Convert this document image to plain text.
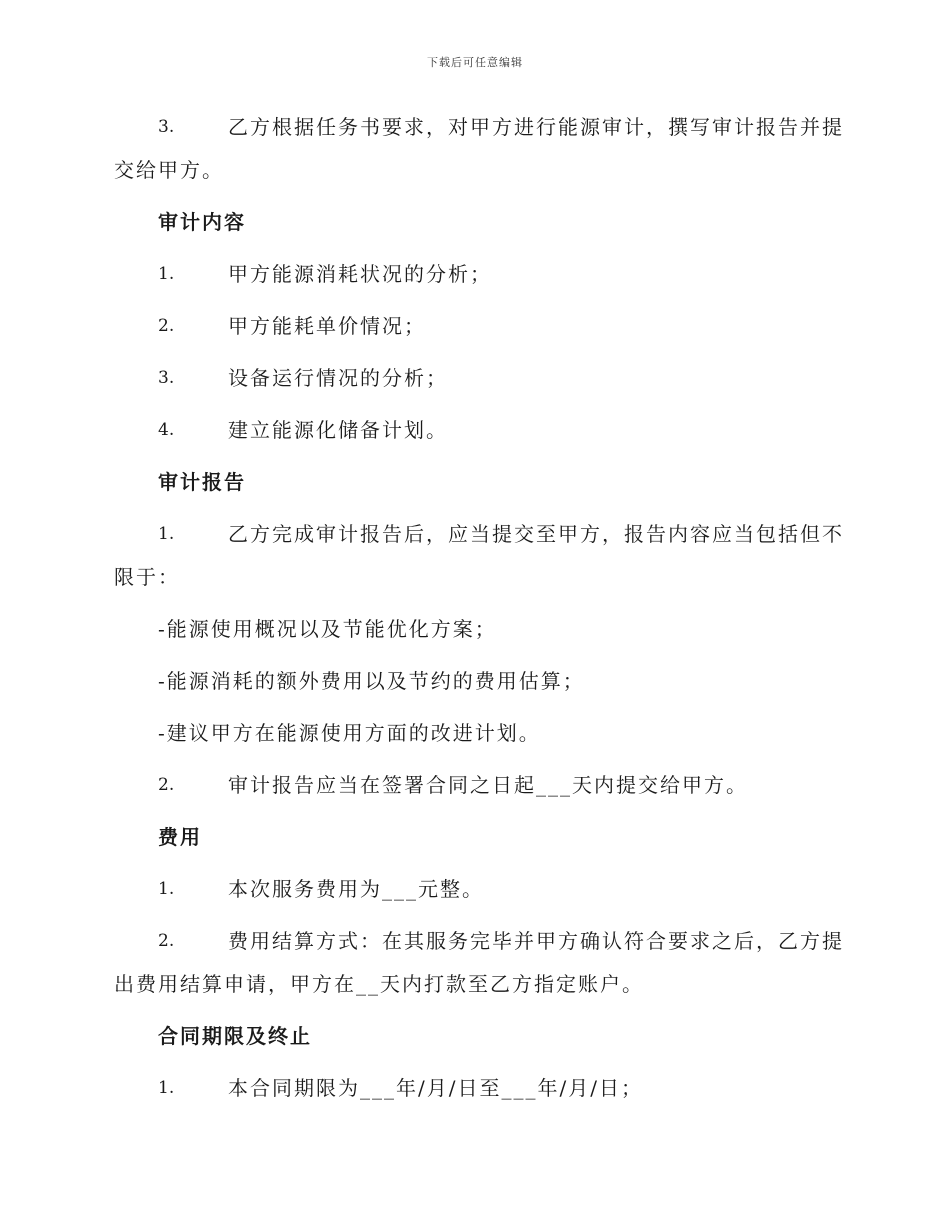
下载后可任意编辑
3.	乙方根据任务书要求，对甲方进行能源审计，撰写审计报告并提
交给甲方。
审计内容
1.	甲方能源消耗状况的分析；
2.	甲方能耗单价情况；
3.	设备运行情况的分析；
4.	建立能源化储备计划。
审计报告
1.	乙方完成审计报告后，应当提交至甲方，报告内容应当包括但不
限于：
-能源使用概况以及节能优化方案；
-能源消耗的额外费用以及节约的费用估算；
-建议甲方在能源使用方面的改进计划。
2.	审计报告应当在签署合同之日起___天内提交给甲方。
费用
1.	本次服务费用为___元整。
2.	费用结算方式：在其服务完毕并甲方确认符合要求之后，乙方提
出费用结算申请，甲方在__天内打款至乙方指定账户。
合同期限及终止
1.	本合同期限为___年/月/日至___年/月/日；
